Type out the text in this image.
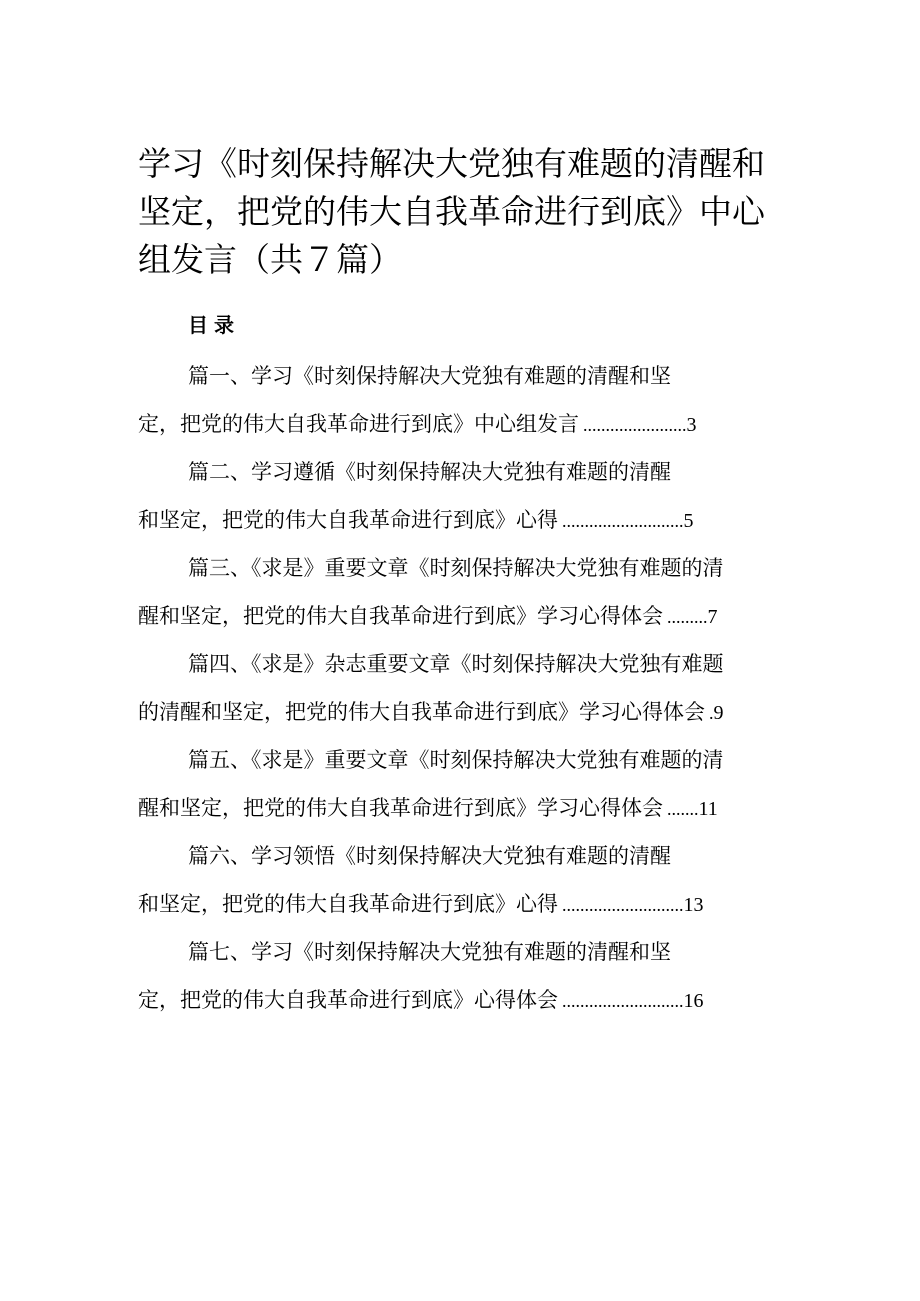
学习《时刻保持解决大党独有难题的清醒和
坚定，把党的伟大自我革命进行到底》中心
组发言（共７篇）
目录
篇一、学习《时刻保持解决大党独有难题的清醒和坚
定，把党的伟大自我革命进行到底》中心组发言 ....................... 3
篇二、学习遵循《时刻保持解决大党独有难题的清醒
和坚定，把党的伟大自我革命进行到底》心得 ........................... 5
篇三、《求是》重要文章《时刻保持解决大党独有难题的清
醒和坚定，把党的伟大自我革命进行到底》学习心得体会 ......... 7
篇四、《求是》杂志重要文章《时刻保持解决大党独有难题
的清醒和坚定，把党的伟大自我革命进行到底》学习心得体会 . 9
篇五、《求是》重要文章《时刻保持解决大党独有难题的清
醒和坚定，把党的伟大自我革命进行到底》学习心得体会 ....... 11
篇六、学习领悟《时刻保持解决大党独有难题的清醒
和坚定，把党的伟大自我革命进行到底》心得 ........................... 13
篇七、学习《时刻保持解决大党独有难题的清醒和坚
定，把党的伟大自我革命进行到底》心得体会 ........................... 16
